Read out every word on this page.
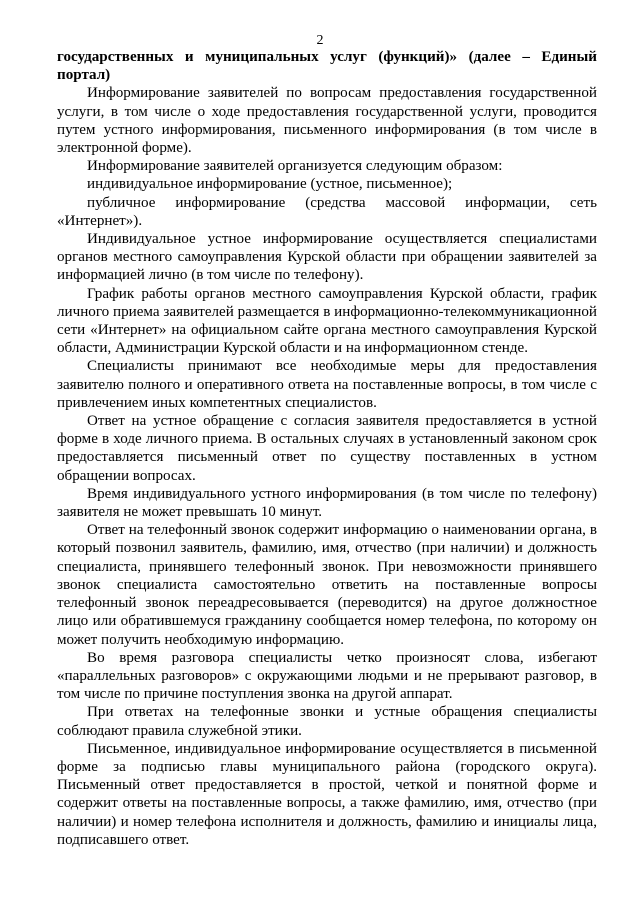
2

государственных и муниципальных услуг (функций)» (далее – Единый портал)

Информирование заявителей по вопросам предоставления государственной услуги, в том числе о ходе предоставления государственной услуги, проводится путем устного информирования, письменного информирования (в том числе в электронной форме).

Информирование заявителей организуется следующим образом:

индивидуальное информирование (устное, письменное);

публичное информирование (средства массовой информации, сеть «Интернет»).

Индивидуальное устное информирование осуществляется специалистами органов местного самоуправления Курской области при обращении заявителей за информацией лично (в том числе по телефону).

График работы органов местного самоуправления Курской области, график личного приема заявителей размещается в информационно-телекоммуникационной сети «Интернет» на официальном сайте органа местного самоуправления Курской области, Администрации Курской области и на информационном стенде.

Специалисты принимают все необходимые меры для предоставления заявителю полного и оперативного ответа на поставленные вопросы, в том числе с привлечением иных компетентных специалистов.

Ответ на устное обращение с согласия заявителя предоставляется в устной форме в ходе личного приема. В остальных случаях в установленный законом срок предоставляется письменный ответ по существу поставленных в устном обращении вопросах.

Время индивидуального устного информирования (в том числе по телефону) заявителя не может превышать 10 минут.

Ответ на телефонный звонок содержит информацию о наименовании органа, в который позвонил заявитель, фамилию, имя, отчество (при наличии) и должность специалиста, принявшего телефонный звонок. При невозможности принявшего звонок специалиста самостоятельно ответить на поставленные вопросы телефонный звонок переадресовывается (переводится) на другое должностное лицо или обратившемуся гражданину сообщается номер телефона, по которому он может получить необходимую информацию.

Во время разговора специалисты четко произносят слова, избегают «параллельных разговоров» с окружающими людьми и не прерывают разговор, в том числе по причине поступления звонка на другой аппарат.

При ответах на телефонные звонки и устные обращения специалисты соблюдают правила служебной этики.

Письменное, индивидуальное информирование осуществляется в письменной форме за подписью главы муниципального района (городского округа). Письменный ответ предоставляется в простой, четкой и понятной форме и содержит ответы на поставленные вопросы, а также фамилию, имя, отчество (при наличии) и номер телефона исполнителя и должность, фамилию и инициалы лица, подписавшего ответ.
